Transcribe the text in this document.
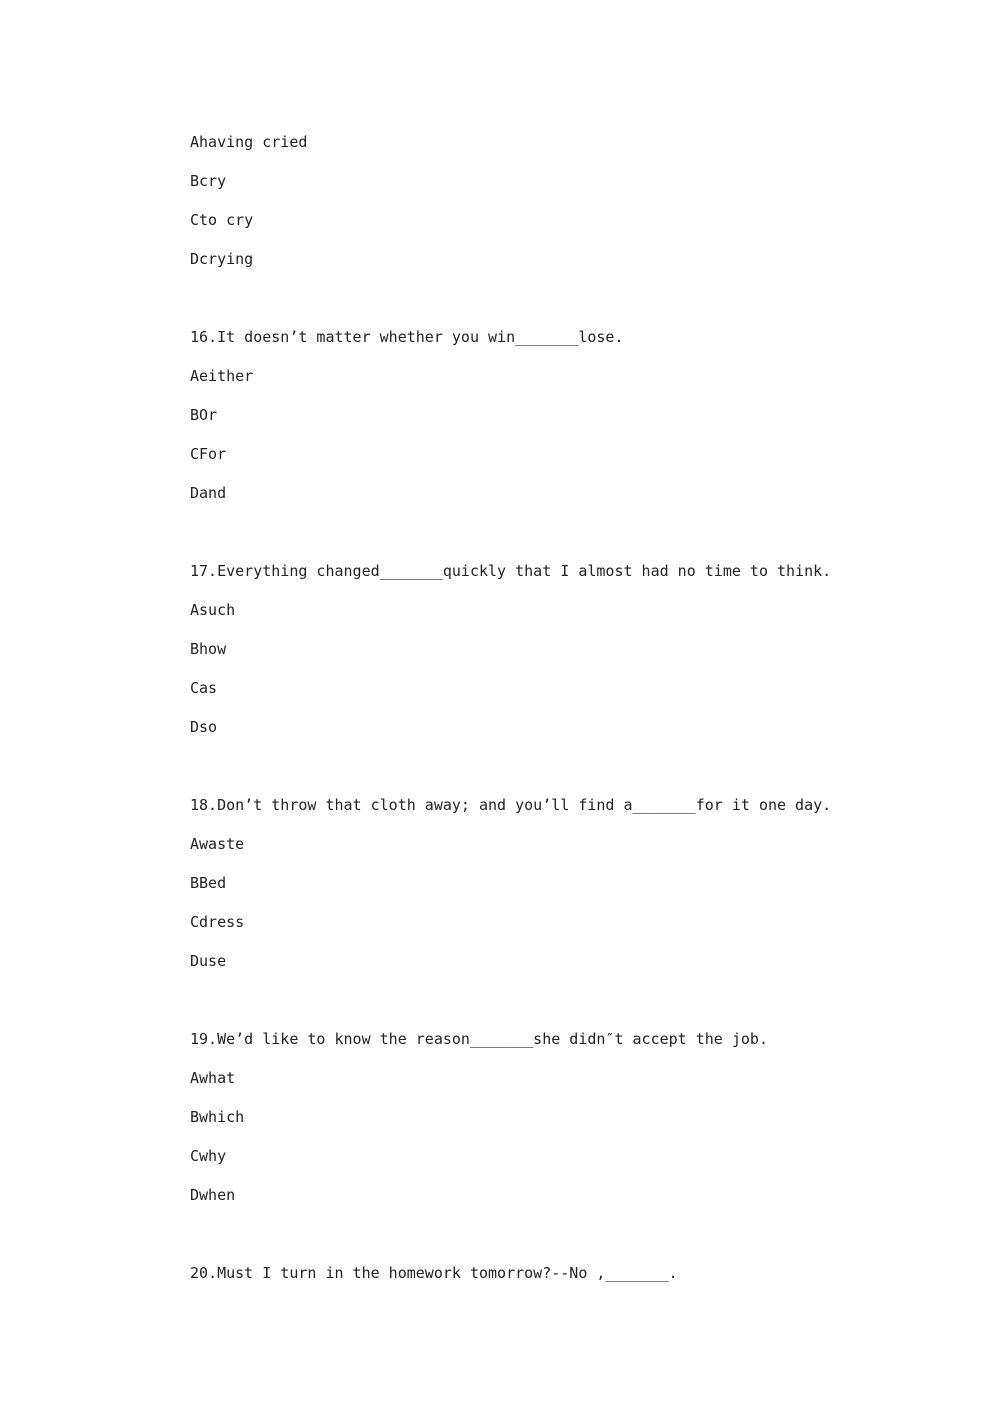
Ahaving cried
Bcry
Cto cry
Dcrying
16.It doesn’t matter whether you win_______lose.
Aeither
BOr
CFor
Dand
17.Everything changed_______quickly that I almost had no time to think.
Asuch
Bhow
Cas
Dso
18.Don’t throw that cloth away; and you’ll find a_______for it one day.
Awaste
BBed
Cdress
Duse
19.We’d like to know the reason_______she didn″t accept the job.
Awhat
Bwhich
Cwhy
Dwhen
20.Must I turn in the homework tomorrow?--No ,_______.
